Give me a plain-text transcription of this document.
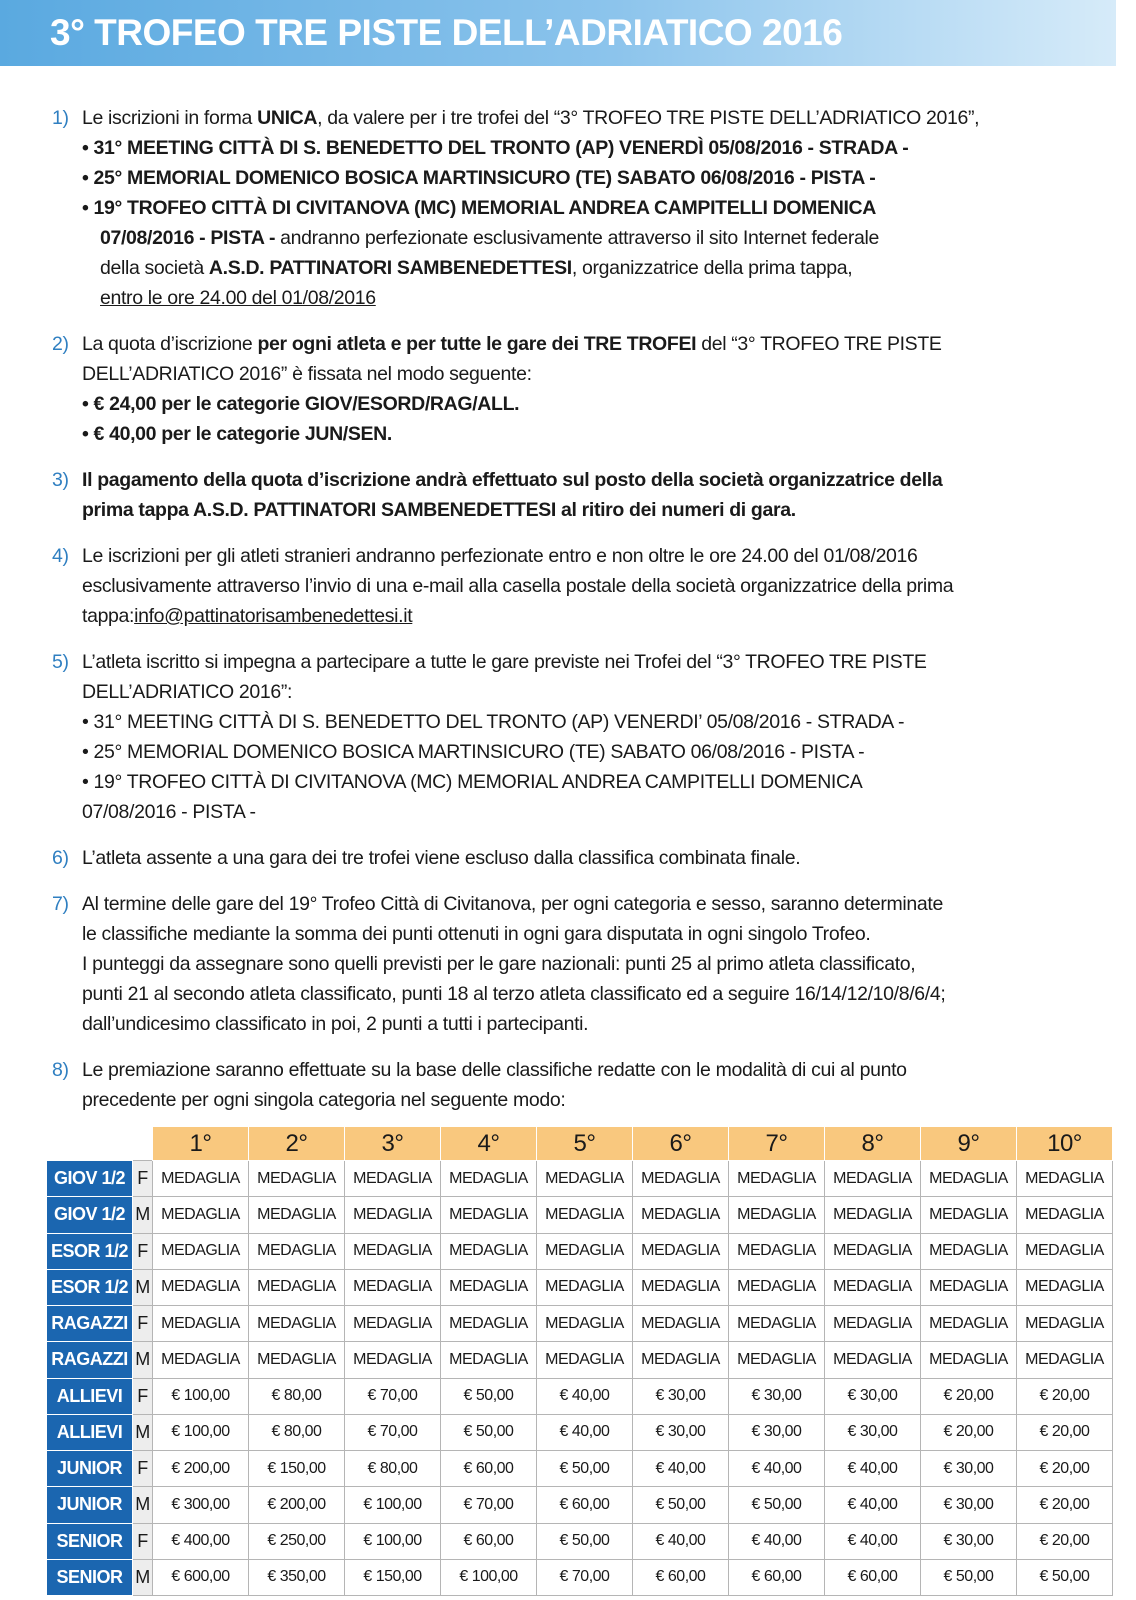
3° TROFEO TRE PISTE DELL’ADRIATICO 2016
1) Le iscrizioni in forma UNICA, da valere per i tre trofei del “3° TROFEO TRE PISTE DELL’ADRIATICO 2016”,
• 31° MEETING CITTÀ DI S. BENEDETTO DEL TRONTO (AP) VENERDÌ 05/08/2016 - STRADA -
• 25° MEMORIAL DOMENICO BOSICA MARTINSICURO (TE) SABATO 06/08/2016 - PISTA -
• 19° TROFEO CITTÀ DI CIVITANOVA (MC) MEMORIAL ANDREA CAMPITELLI DOMENICA
07/08/2016 - PISTA - andranno perfezionate esclusivamente attraverso il sito Internet federale
della società A.S.D. PATTINATORI SAMBENEDETTESI, organizzatrice della prima tappa,
entro le ore 24.00 del 01/08/2016
2) La quota d’iscrizione per ogni atleta e per tutte le gare dei TRE TROFEI del “3° TROFEO TRE PISTE
DELL’ADRIATICO 2016” è fissata nel modo seguente:
• € 24,00 per le categorie GIOV/ESORD/RAG/ALL.
• € 40,00 per le categorie JUN/SEN.
3) Il pagamento della quota d’iscrizione andrà effettuato sul posto della società organizzatrice della
prima tappa A.S.D. PATTINATORI SAMBENEDETTESI al ritiro dei numeri di gara.
4) Le iscrizioni per gli atleti stranieri andranno perfezionate entro e non oltre le ore 24.00 del 01/08/2016
esclusivamente attraverso l’invio di una e-mail alla casella postale della società organizzatrice della prima
tappa:info@pattinatorisambenedettesi.it
5) L’atleta iscritto si impegna a partecipare a tutte le gare previste nei Trofei del “3° TROFEO TRE PISTE
DELL’ADRIATICO 2016”:
• 31° MEETING CITTÀ DI S. BENEDETTO DEL TRONTO (AP) VENERDI’ 05/08/2016 - STRADA -
• 25° MEMORIAL DOMENICO BOSICA MARTINSICURO (TE) SABATO 06/08/2016 - PISTA -
• 19° TROFEO CITTÀ DI CIVITANOVA (MC) MEMORIAL ANDREA CAMPITELLI DOMENICA
07/08/2016 - PISTA -
6) L’atleta assente a una gara dei tre trofei viene escluso dalla classifica combinata finale.
7) Al termine delle gare del 19° Trofeo Città di Civitanova, per ogni categoria e sesso, saranno determinate
le classifiche mediante la somma dei punti ottenuti in ogni gara disputata in ogni singolo Trofeo.
I punteggi da assegnare sono quelli previsti per le gare nazionali: punti 25 al primo atleta classificato,
punti 21 al secondo atleta classificato, punti 18 al terzo atleta classificato ed a seguire 16/14/12/10/8/6/4;
dall’undicesimo classificato in poi, 2 punti a tutti i partecipanti.
8) Le premiazione saranno effettuate su la base delle classifiche redatte con le modalità di cui al punto
precedente per ogni singola categoria nel seguente modo:
		1°	2°	3°	4°	5°	6°	7°	8°	9°	10°
GIOV 1/2	F	MEDAGLIA	MEDAGLIA	MEDAGLIA	MEDAGLIA	MEDAGLIA	MEDAGLIA	MEDAGLIA	MEDAGLIA	MEDAGLIA	MEDAGLIA
GIOV 1/2	M	MEDAGLIA	MEDAGLIA	MEDAGLIA	MEDAGLIA	MEDAGLIA	MEDAGLIA	MEDAGLIA	MEDAGLIA	MEDAGLIA	MEDAGLIA
ESOR 1/2	F	MEDAGLIA	MEDAGLIA	MEDAGLIA	MEDAGLIA	MEDAGLIA	MEDAGLIA	MEDAGLIA	MEDAGLIA	MEDAGLIA	MEDAGLIA
ESOR 1/2	M	MEDAGLIA	MEDAGLIA	MEDAGLIA	MEDAGLIA	MEDAGLIA	MEDAGLIA	MEDAGLIA	MEDAGLIA	MEDAGLIA	MEDAGLIA
RAGAZZI	F	MEDAGLIA	MEDAGLIA	MEDAGLIA	MEDAGLIA	MEDAGLIA	MEDAGLIA	MEDAGLIA	MEDAGLIA	MEDAGLIA	MEDAGLIA
RAGAZZI	M	MEDAGLIA	MEDAGLIA	MEDAGLIA	MEDAGLIA	MEDAGLIA	MEDAGLIA	MEDAGLIA	MEDAGLIA	MEDAGLIA	MEDAGLIA
ALLIEVI	F	€ 100,00	€ 80,00	€ 70,00	€ 50,00	€ 40,00	€ 30,00	€ 30,00	€ 30,00	€ 20,00	€ 20,00
ALLIEVI	M	€ 100,00	€ 80,00	€ 70,00	€ 50,00	€ 40,00	€ 30,00	€ 30,00	€ 30,00	€ 20,00	€ 20,00
JUNIOR	F	€ 200,00	€ 150,00	€ 80,00	€ 60,00	€ 50,00	€ 40,00	€ 40,00	€ 40,00	€ 30,00	€ 20,00
JUNIOR	M	€ 300,00	€ 200,00	€ 100,00	€ 70,00	€ 60,00	€ 50,00	€ 50,00	€ 40,00	€ 30,00	€ 20,00
SENIOR	F	€ 400,00	€ 250,00	€ 100,00	€ 60,00	€ 50,00	€ 40,00	€ 40,00	€ 40,00	€ 30,00	€ 20,00
SENIOR	M	€ 600,00	€ 350,00	€ 150,00	€ 100,00	€ 70,00	€ 60,00	€ 60,00	€ 60,00	€ 50,00	€ 50,00
